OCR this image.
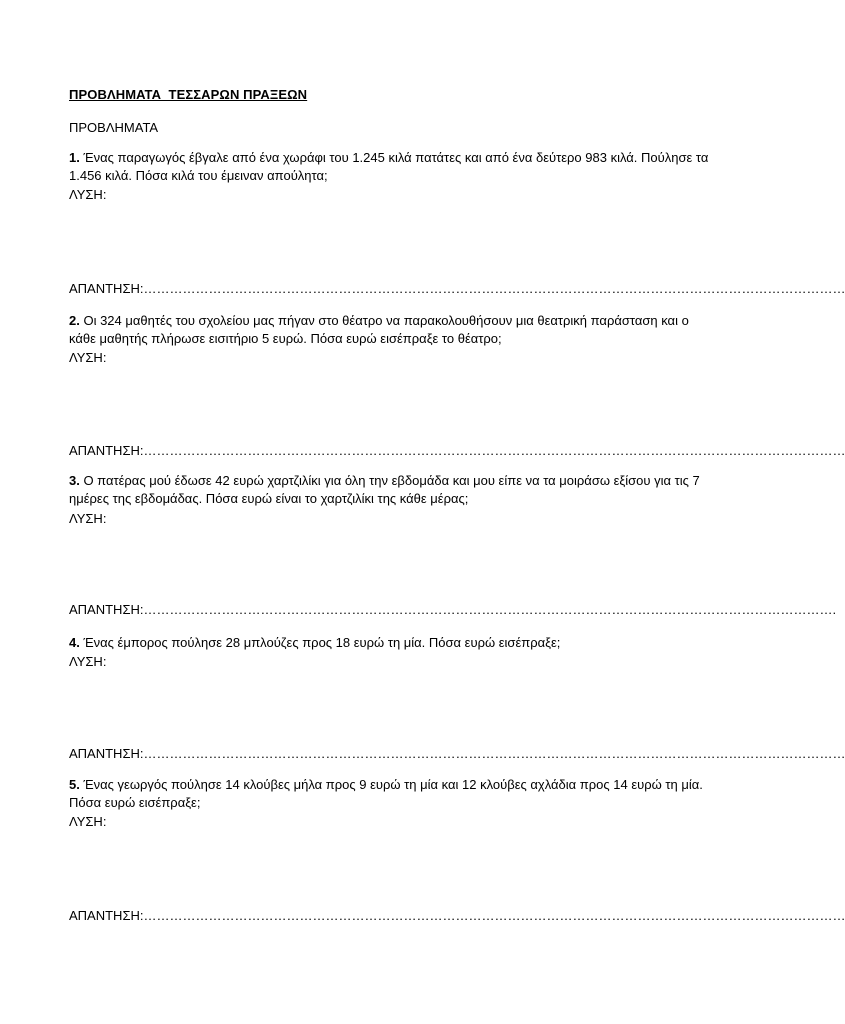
ΠΡΟΒΛΗΜΑΤΑ  ΤΕΣΣΑΡΩΝ ΠΡΑΞΕΩΝ
ΠΡΟΒΛΗΜΑΤΑ
1. Ένας παραγωγός έβγαλε από ένα χωράφι του 1.245 κιλά πατάτες και από ένα δεύτερο 983 κιλά. Πούλησε τα 1.456 κιλά. Πόσα κιλά του έμειναν απούλητα;
ΛΥΣΗ:
ΑΠΑΝΤΗΣΗ:………………………………………………………………………………………………………………………………………………
2. Οι 324 μαθητές του σχολείου μας πήγαν στο θέατρο να παρακολουθήσουν μια θεατρική παράσταση και ο κάθε μαθητής πλήρωσε εισιτήριο 5 ευρώ. Πόσα ευρώ εισέπραξε το θέατρο;
ΛΥΣΗ:
ΑΠΑΝΤΗΣΗ:………………………………………………………………………………………………………………………………………………
3. Ο πατέρας μού έδωσε 42 ευρώ χαρτζιλίκι για όλη την εβδομάδα και μου είπε να τα μοιράσω εξίσου για τις 7 ημέρες της εβδομάδας. Πόσα ευρώ είναι το χαρτζιλίκι της κάθε μέρας;
ΛΥΣΗ:
ΑΠΑΝΤΗΣΗ:…………………………………………………………………………………………………………………………………………….
4. Ένας έμπορος πούλησε 28 μπλούζες προς 18 ευρώ τη μία. Πόσα ευρώ εισέπραξε;
ΛΥΣΗ:
ΑΠΑΝΤΗΣΗ:………………………………………………………………………………………………………………………………………………
5. Ένας γεωργός πούλησε 14 κλούβες μήλα προς 9 ευρώ τη μία και 12 κλούβες αχλάδια προς 14 ευρώ τη μία. Πόσα ευρώ εισέπραξε;
ΛΥΣΗ:
ΑΠΑΝΤΗΣΗ:………………………………………………………………………………………………………………………………………………
